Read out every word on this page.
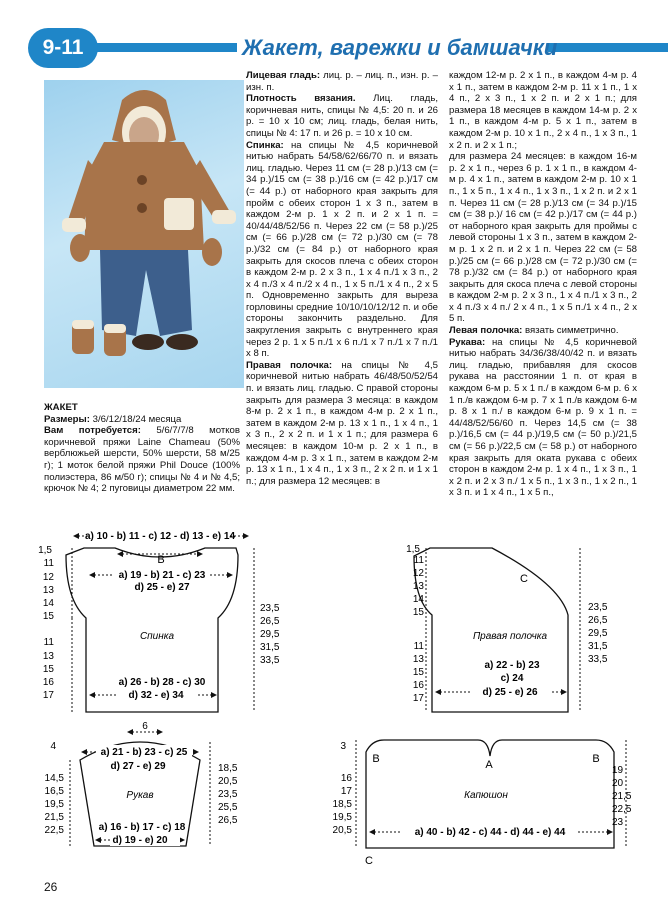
9-11	Жакет, варежки и бамшачки

ЖАКЕТ

Размеры: 3/6/12/18/24 месяца

Вам потребуется: 5/6/7/7/8 мотков коричневой пряжи Laine Chameau (50% верблюжьей шерсти, 50% шерсти, 58 м/25 г); 1 моток белой пряжи Phil Douce (100% полиэстера, 86 м/50 г); спицы № 4 и № 4,5; крючок № 4; 2 пуговицы диаметром 22 мм.

Лицевая гладь: лиц. р. – лиц. п., изн. р. – изн. п.

Плотность вязания. Лиц. гладь, коричневая нить, спицы № 4,5: 20 п. и 26 р. = 10 х 10 см; лиц. гладь, белая нить, спицы № 4: 17 п. и 26 р. = 10 х 10 см.

Спинка: на спицы № 4,5 коричневой нитью набрать 54/58/62/66/70 п. и вязать лиц. гладью. Через 11 см (= 28 р.)/13 см (= 34 р.)/15 см (= 38 р.)/16 см (= 42 р.)/17 см (= 44 р.) от наборного края закрыть для пройм с обеих сторон 1 х 3 п., затем в каждом 2-м р. 1 х 2 п. и 2 х 1 п. = 40/44/48/52/56 п. Через 22 см (= 58 р.)/25 см (= 66 р.)/28 см (= 72 р.)/30 см (= 78 р.)/32 см (= 84 р.) от наборного края закрыть для скосов плеча с обеих сторон в каждом 2-м р. 2 х 3 п., 1 х 4 п./1 х 3 п., 2 х 4 п./3 х 4 п./2 х 4 п., 1 х 5 п./1 х 4 п., 2 х 5 п. Одновременно закрыть для выреза горловины средние 10/10/10/12/12 п. и обе стороны закончить раздельно. Для закругления закрыть с внутреннего края через 2 р. 1 х 5 п./1 х 6 п./1 х 7 п./1 х 7 п./1 х 8 п.

Правая полочка: на спицы № 4,5 коричневой нитью набрать 46/48/50/52/54 п. и вязать лиц. гладью. С правой стороны закрыть для размера 3 месяца: в каждом 8-м р. 2 х 1 п., в каждом 4-м р. 2 х 1 п., затем в каждом 2-м р. 13 х 1 п., 1 х 4 п., 1 х 3 п., 2 х 2 п. и 1 х 1 п.; для размера 6 месяцев: в каждом 10-м р. 2 х 1 п., в каждом 4-м р. 3 х 1 п., затем в каждом 2-м р. 13 х 1 п., 1 х 4 п., 1 х 3 п., 2 х 2 п. и 1 х 1 п.; для размера 12 месяцев: в

каждом 12-м р. 2 х 1 п., в каждом 4-м р. 4 х 1 п., затем в каждом 2-м р. 11 х 1 п., 1 х 4 п., 2 х 3 п., 1 х 2 п. и 2 х 1 п.; для размера 18 месяцев в каждом 14-м р. 2 х 1 п., в каждом 4-м р. 5 х 1 п., затем в каждом 2-м р. 10 х 1 п., 2 х 4 п., 1 х 3 п., 1 х 2 п. и 2 х 1 п.;

для размера 24 месяцев: в каждом 16-м р. 2 х 1 п., через 6 р. 1 х 1 п., в каждом 4-м р. 4 х 1 п., затем в каждом 2-м р. 10 х 1 п., 1 х 5 п., 1 х 4 п., 1 х 3 п., 1 х 2 п. и 2 х 1 п. Через 11 см (= 28 р.)/13 см (= 34 р.)/15 см (= 38 р.)/ 16 см (= 42 р.)/17 см (= 44 р.) от наборного края закрыть для проймы с левой стороны 1 х 3 п., затем в каждом 2-м р. 1 х 2 п. и 2 х 1 п. Через 22 см (= 58 р.)/25 см (= 66 р.)/28 см (= 72 р.)/30 см (= 78 р.)/32 см (= 84 р.) от наборного края закрыть для скоса плеча с левой стороны в каждом 2-м р. 2 х 3 п., 1 х 4 п./1 х 3 п., 2 х 4 п./3 х 4 п./ 2 х 4 п., 1 х 5 п./1 х 4 п., 2 х 5 п.

Левая полочка: вязать симметрично.

Рукава: на спицы № 4,5 коричневой нитью набрать 34/36/38/40/42 п. и вязать лиц. гладью, прибавляя для скосов рукава на расстоянии 1 п. от края в каждом 6-м р. 5 х 1 п./ в каждом 6-м р. 6 х 1 п./в каждом 6-м р. 7 х 1 п./в каждом 6-м р. 8 х 1 п./ в каждом 6-м р. 9 х 1 п. = 44/48/52/56/60 п. Через 14,5 см (= 38 р.)/16,5 см (= 44 р.)/19,5 см (= 50 р.)/21,5 см (= 56 р.)/22,5 см (= 58 р.) от наборного края закрыть для оката рукава с обеих сторон в каждом 2-м р. 1 х 4 п., 1 х 3 п., 1 х 2 п. и 2 х 3 п./ 1 х 5 п., 1 х 3 п., 1 х 2 п., 1 х 3 п. и 1 х 4 п., 1 х 5 п.,

a) 10 - b) 11 - c) 12 - d) 13 - e) 14
1,5
B
a) 19 - b) 21 - c) 23
d) 25 - e) 27
Спинка
a) 26 - b) 28 - c) 30
d) 32 - e) 34
11
12
13
14
15
11
13
15
16
17
23,5
26,5
29,5
31,5
33,5
1,5
C
Правая полочка
a) 22 - b) 23
c) 24
d) 25 - e) 26
11
12
13
14
15
11
13
15
16
17
23,5
26,5
29,5
31,5
33,5
6
4
a) 21 - b) 23 - c) 25
d) 27 - e) 29
Рукав
a) 16 - b) 17 - c) 18
d) 19 - e) 20
14,5
16,5
19,5
21,5
22,5
18,5
20,5
23,5
25,5
26,5
3
B	B
A
C
Капюшон
a) 40 - b) 42 - c) 44 - d) 44 - e) 44
16
17
18,5
19,5
20,5
19
20
21,5
22,5
23
26
